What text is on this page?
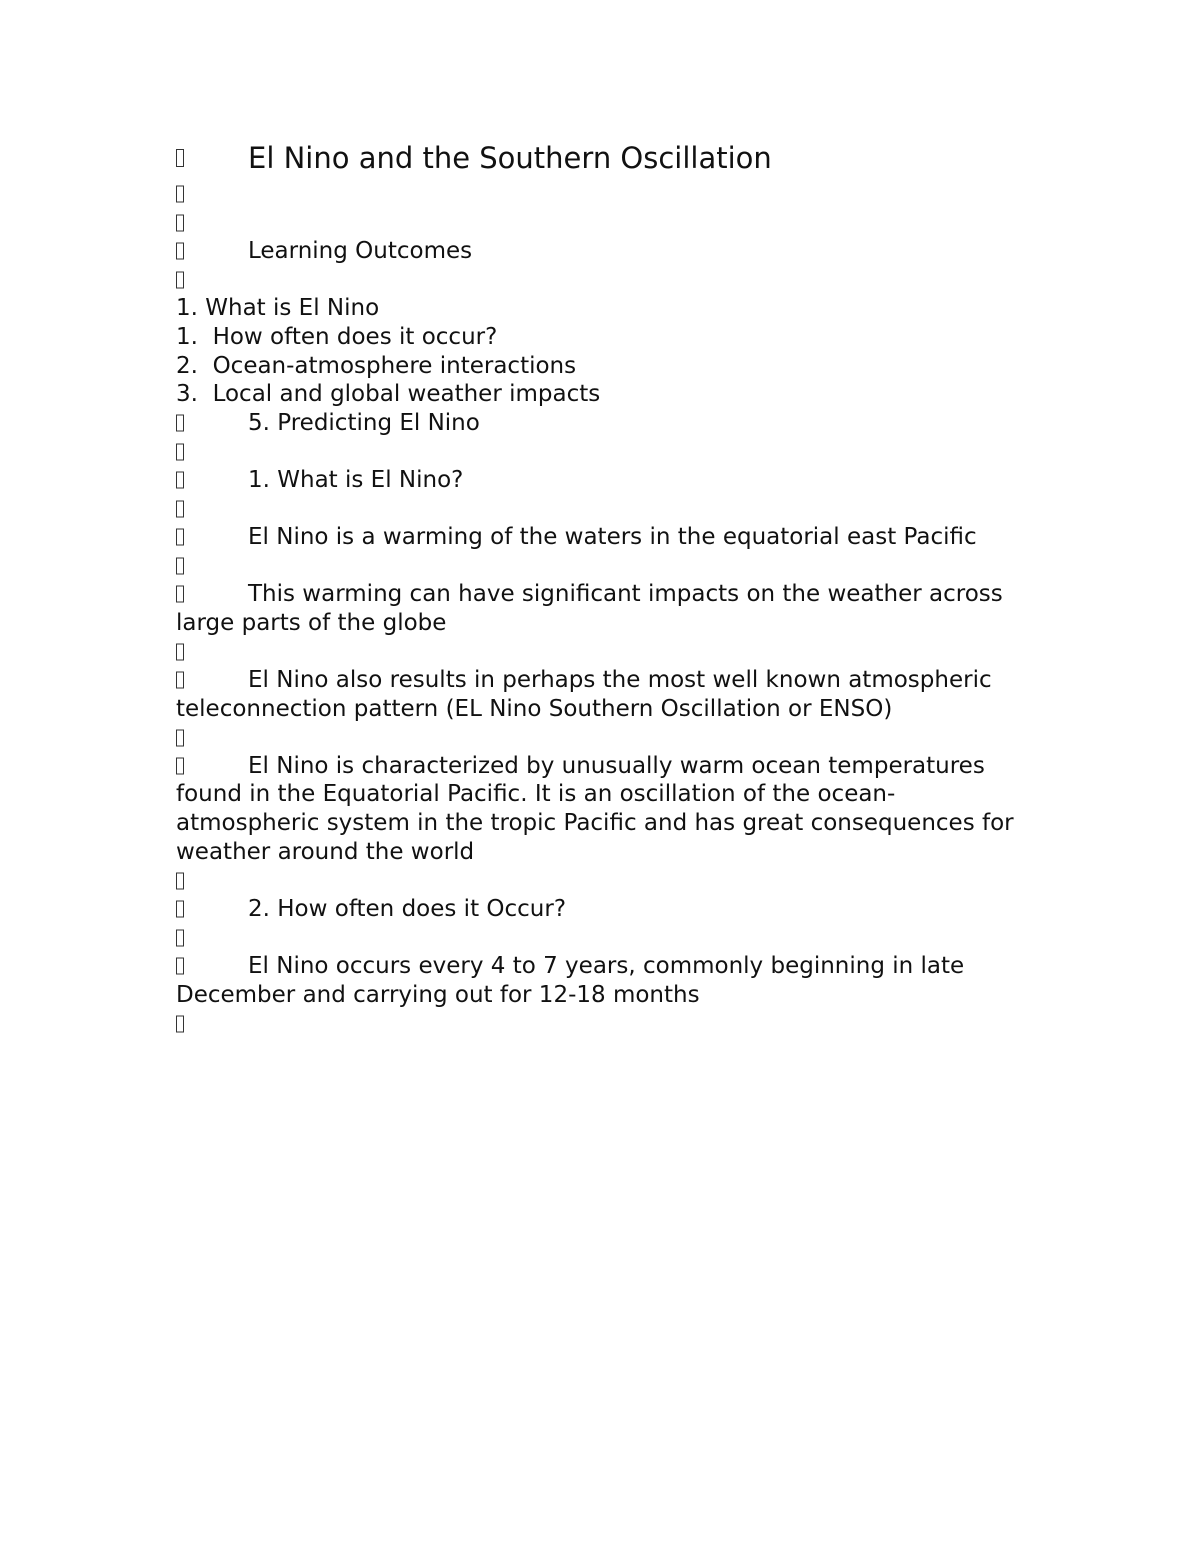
El Nino and the Southern Oscillation

Learning Outcomes

1. What is El Nino
1.  How often does it occur?
2.  Ocean-atmosphere interactions
3.  Local and global weather impacts
5. Predicting El Nino

1. What is El Nino?

El Nino is a warming of the waters in the equatorial east Pacific

This warming can have significant impacts on the weather across large parts of the globe

El Nino also results in perhaps the most well known atmospheric teleconnection pattern (EL Nino Southern Oscillation or ENSO)

El Nino is characterized by unusually warm ocean temperatures found in the Equatorial Pacific. It is an oscillation of the ocean-atmospheric system in the tropic Pacific and has great consequences for weather around the world

2. How often does it Occur?

El Nino occurs every 4 to 7 years, commonly beginning in late December and carrying out for 12-18 months
